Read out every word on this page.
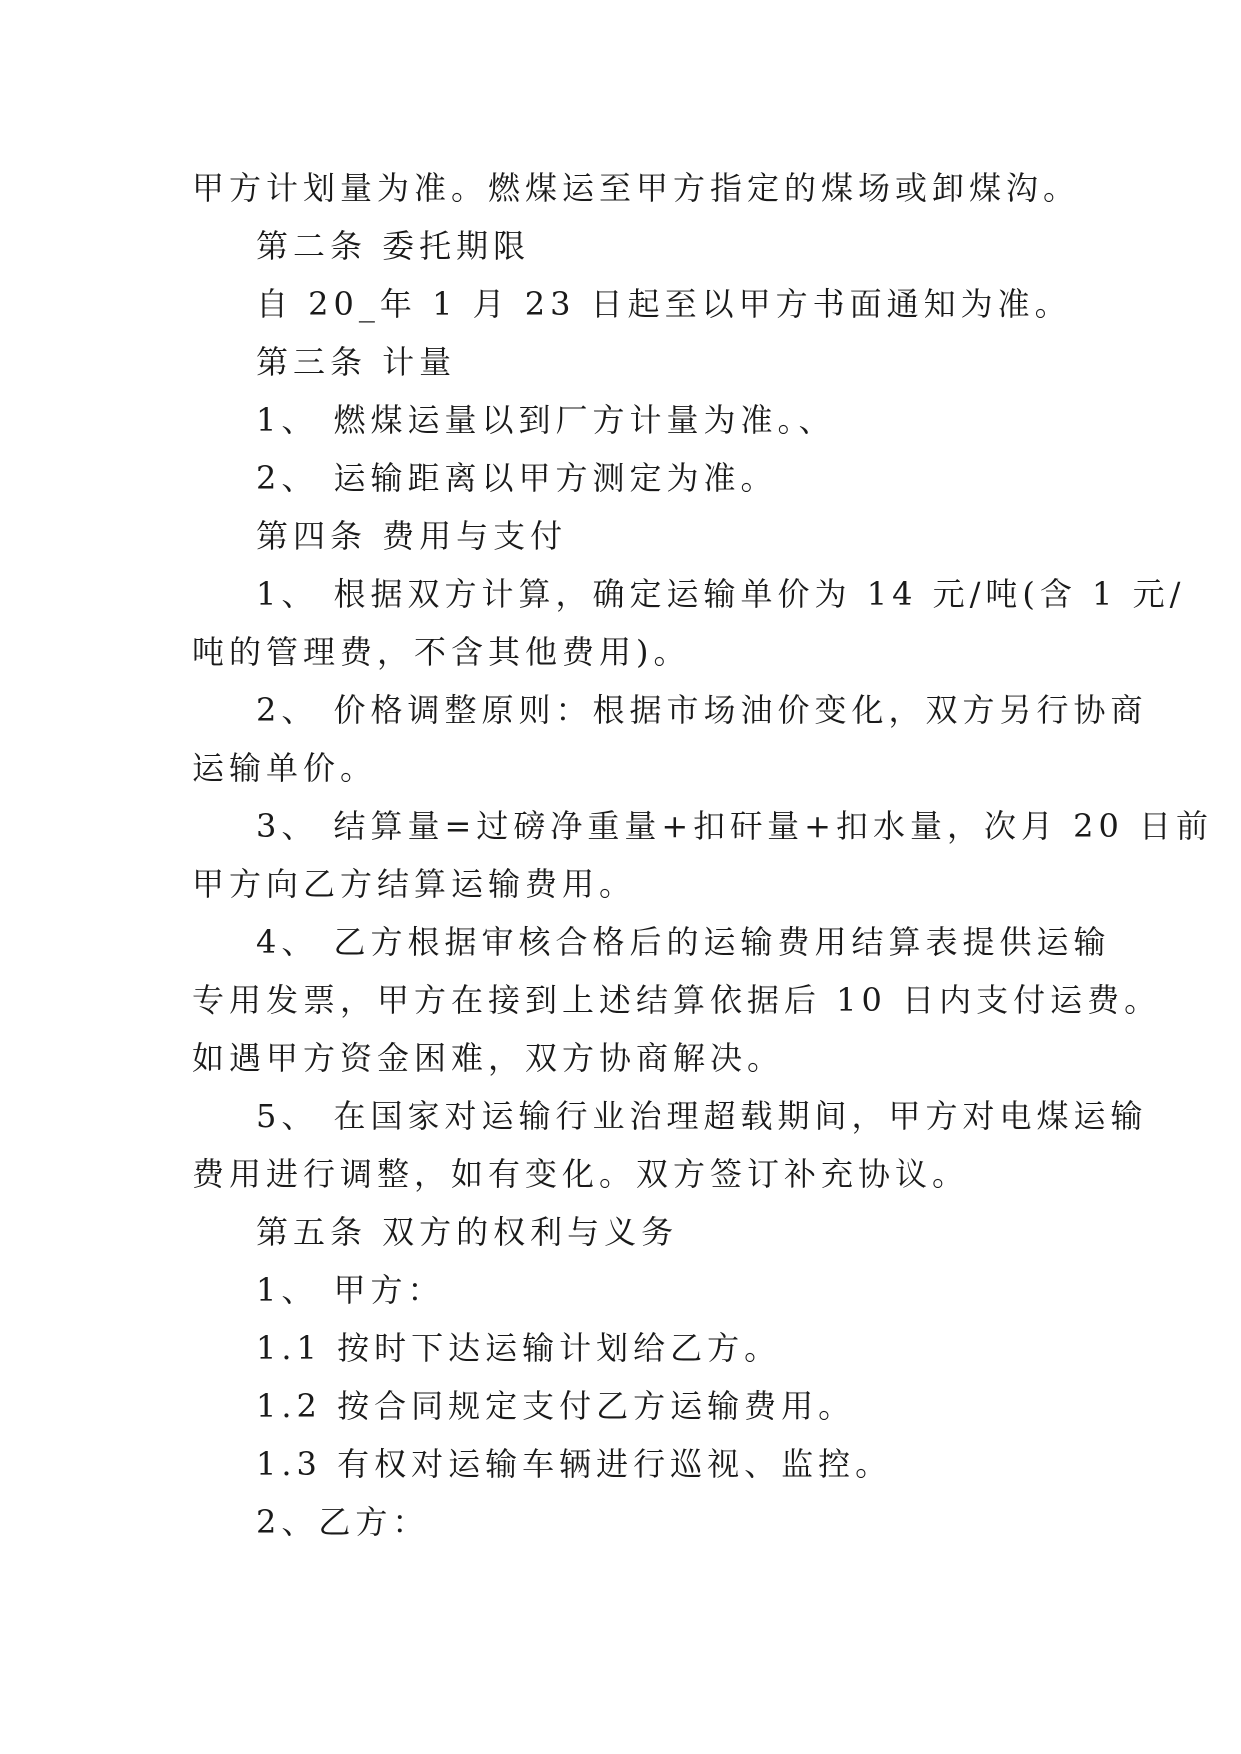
甲方计划量为准。燃煤运至甲方指定的煤场或卸煤沟。

第二条 委托期限

自 20_年 1 月 23 日起至以甲方书面通知为准。

第三条 计量

1、 燃煤运量以到厂方计量为准。、

2、 运输距离以甲方测定为准。

第四条 费用与支付

1、 根据双方计算，确定运输单价为 14 元/吨(含 1 元/

吨的管理费，不含其他费用)。

2、 价格调整原则：根据市场油价变化，双方另行协商

运输单价。

3、 结算量=过磅净重量+扣矸量+扣水量，次月 20 日前

甲方向乙方结算运输费用。

4、 乙方根据审核合格后的运输费用结算表提供运输

专用发票，甲方在接到上述结算依据后 10 日内支付运费。

如遇甲方资金困难，双方协商解决。

5、 在国家对运输行业治理超载期间，甲方对电煤运输

费用进行调整，如有变化。双方签订补充协议。

第五条 双方的权利与义务

1、 甲方：

1.1 按时下达运输计划给乙方。

1.2 按合同规定支付乙方运输费用。

1.3 有权对运输车辆进行巡视、监控。

2、乙方：
